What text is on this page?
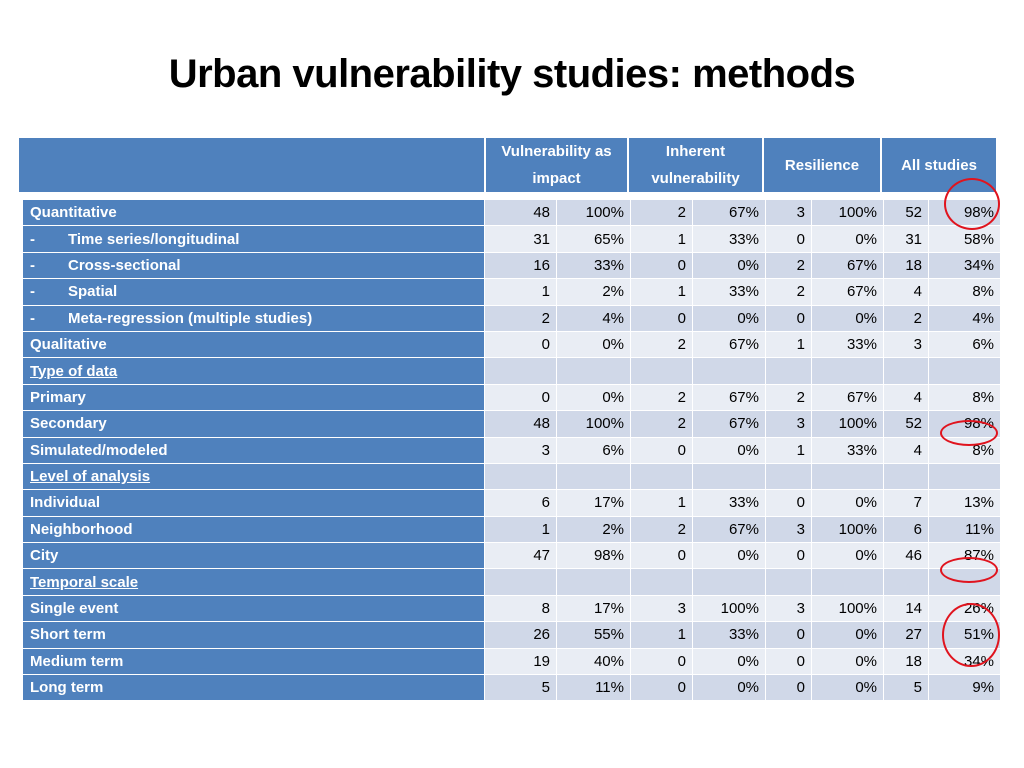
Urban vulnerability studies: methods
	Vulnerability as impact	Inherent vulnerability	Resilience	All studies
Quantitative	48	100%	2	67%	3	100%	52	98%
- Time series/longitudinal	31	65%	1	33%	0	0%	31	58%
- Cross-sectional	16	33%	0	0%	2	67%	18	34%
- Spatial	1	2%	1	33%	2	67%	4	8%
- Meta-regression (multiple studies)	2	4%	0	0%	0	0%	2	4%
Qualitative	0	0%	2	67%	1	33%	3	6%
Type of data								
Primary	0	0%	2	67%	2	67%	4	8%
Secondary	48	100%	2	67%	3	100%	52	98%
Simulated/modeled	3	6%	0	0%	1	33%	4	8%
Level of analysis								
Individual	6	17%	1	33%	0	0%	7	13%
Neighborhood	1	2%	2	67%	3	100%	6	11%
City	47	98%	0	0%	0	0%	46	87%
Temporal scale								
Single event	8	17%	3	100%	3	100%	14	26%
Short term	26	55%	1	33%	0	0%	27	51%
Medium term	19	40%	0	0%	0	0%	18	34%
Long term	5	11%	0	0%	0	0%	5	9%
